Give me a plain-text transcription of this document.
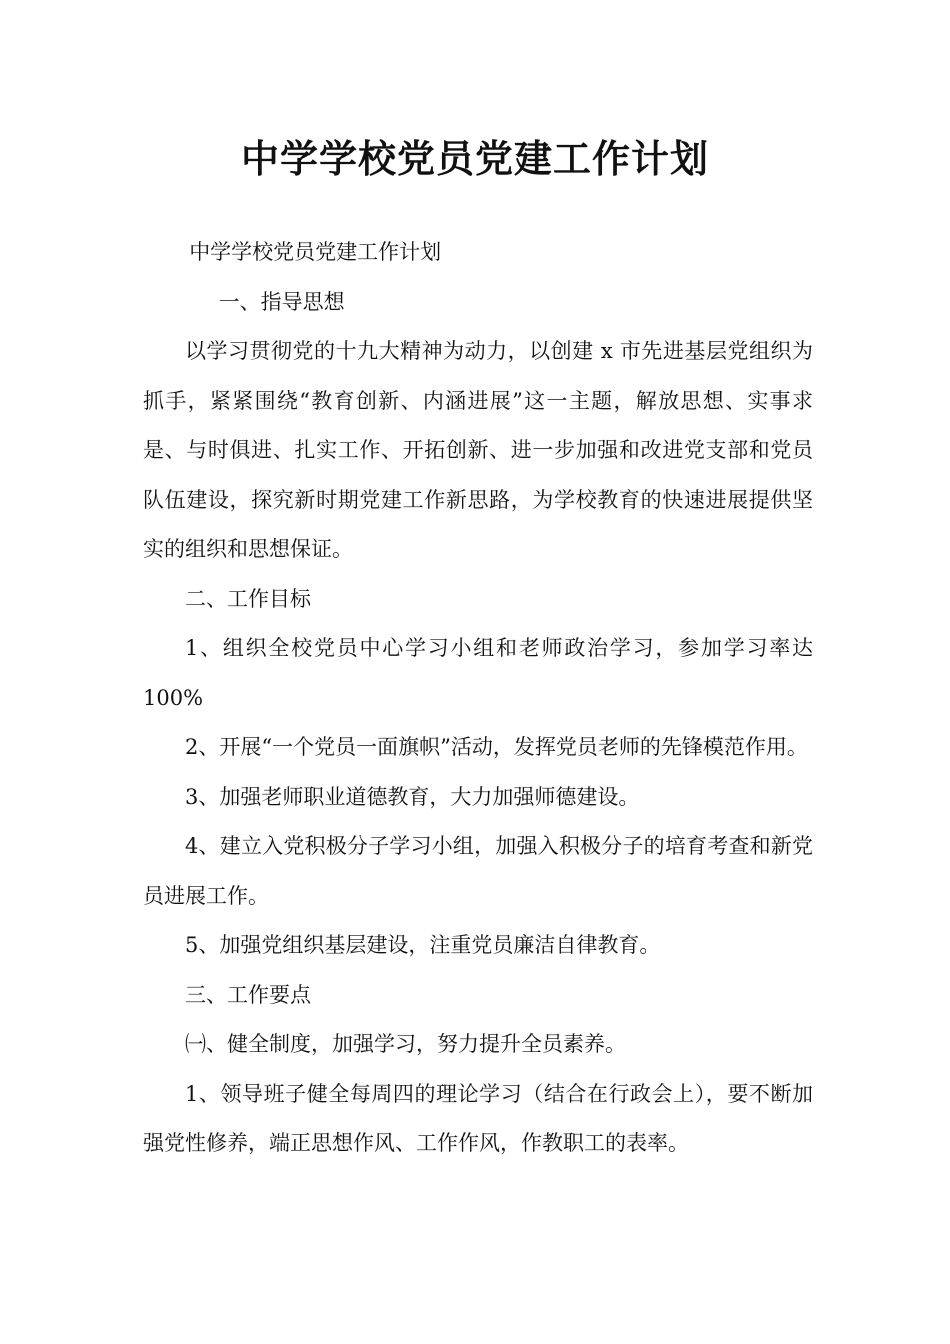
中学学校党员党建工作计划

中学学校党员党建工作计划

一、指导思想

以学习贯彻党的十九大精神为动力，以创建 x 市先进基层党组织为抓手，紧紧围绕“教育创新、内涵进展”这一主题，解放思想、实事求是、与时俱进、扎实工作、开拓创新、进一步加强和改进党支部和党员队伍建设，探究新时期党建工作新思路，为学校教育的快速进展提供坚实的组织和思想保证。

二、工作目标

1、组织全校党员中心学习小组和老师政治学习，参加学习率达100%

2、开展“一个党员一面旗帜”活动，发挥党员老师的先锋模范作用。

3、加强老师职业道德教育，大力加强师德建设。

4、建立入党积极分子学习小组，加强入积极分子的培育考查和新党员进展工作。

5、加强党组织基层建设，注重党员廉洁自律教育。

三、工作要点

㈠、健全制度，加强学习，努力提升全员素养。

1、领导班子健全每周四的理论学习（结合在行政会上），要不断加强党性修养，端正思想作风、工作作风，作教职工的表率。
